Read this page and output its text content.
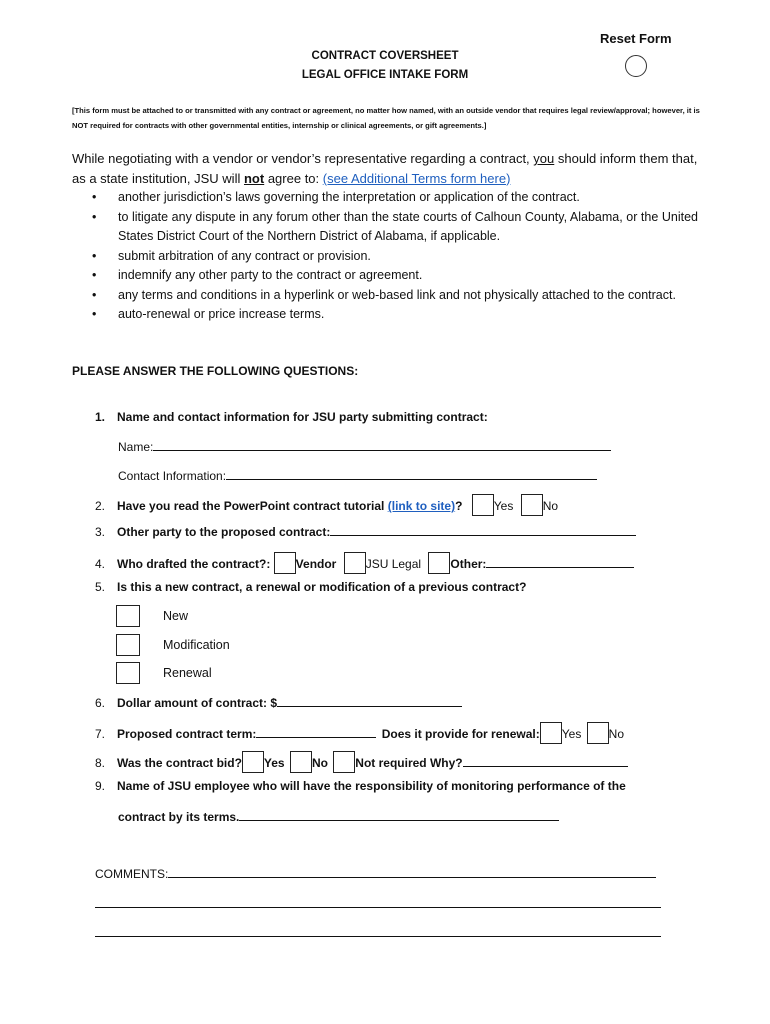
Reset Form
CONTRACT COVERSHEET
LEGAL OFFICE INTAKE FORM
[This form must be attached to or transmitted with any contract or agreement, no matter how named, with an outside vendor that requires legal review/approval; however, it is NOT required for contracts with other governmental entities, internship or clinical agreements, or gift agreements.]
While negotiating with a vendor or vendor’s representative regarding a contract, you should inform them that, as a state institution, JSU will not agree to: (see Additional Terms form here)
• another jurisdiction’s laws governing the interpretation or application of the contract.
• to litigate any dispute in any forum other than the state courts of Calhoun County, Alabama, or the United States District Court of the Northern District of Alabama, if applicable.
• submit arbitration of any contract or provision.
• indemnify any other party to the contract or agreement.
• any terms and conditions in a hyperlink or web-based link and not physically attached to the contract.
• auto-renewal or price increase terms.
PLEASE ANSWER THE FOLLOWING QUESTIONS:
1. Name and contact information for JSU party submitting contract:
Name:
Contact Information:
2. Have you read the PowerPoint contract tutorial (link to site)?	Yes No
3. Other party to the proposed contract:
4. Who drafted the contract?: Vendor JSU Legal Other:
5. Is this a new contract, a renewal or modification of a previous contract?
New
Modification
Renewal
6. Dollar amount of contract: $
7. Proposed contract term:	Does it provide for renewal: Yes No
8. Was the contract bid? Yes No Not required Why?
9. Name of JSU employee who will have the responsibility of monitoring performance of the
contract by its terms.
COMMENTS:
